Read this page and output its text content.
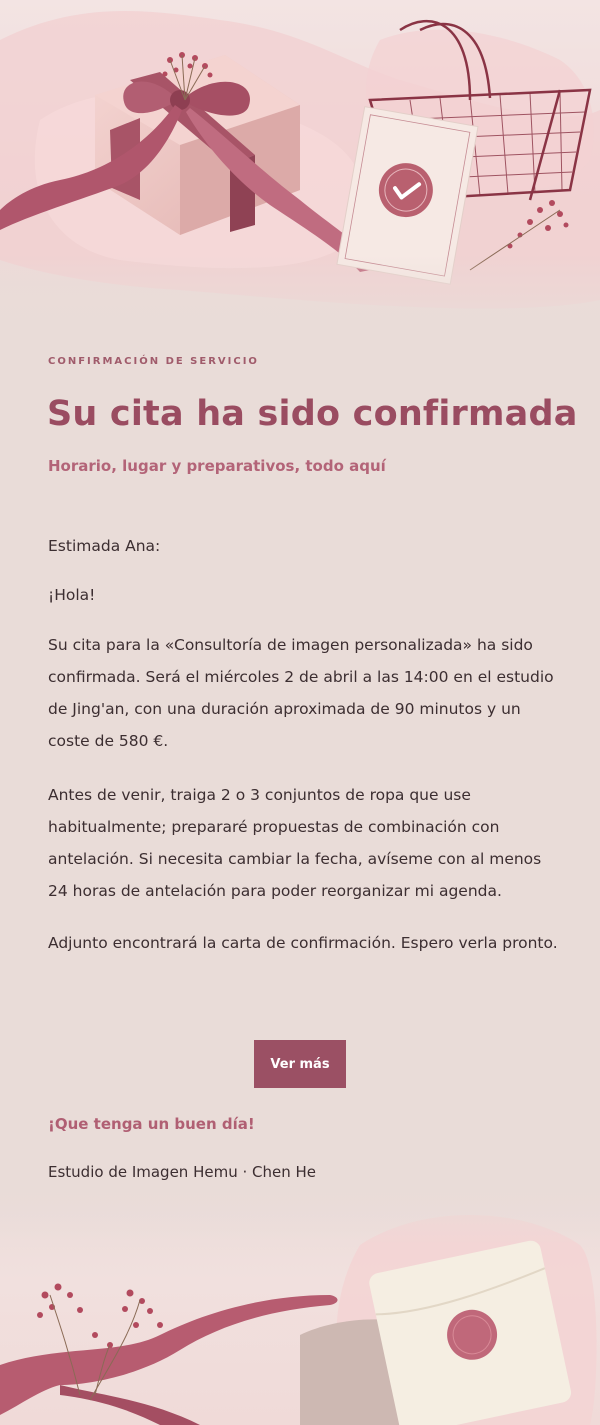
CONFIRMACIÓN DE SERVICIO
Su cita ha sido confirmada
Horario, lugar y preparativos, todo aquí

Estimada Ana:

¡Hola!

Su cita para la «Consultoría de imagen personalizada» ha sido confirmada. Será el miércoles 2 de abril a las 14:00 en el estudio de Jing'an, con una duración aproximada de 90 minutos y un coste de 580 €.

Antes de venir, traiga 2 o 3 conjuntos de ropa que use habitualmente; prepararé propuestas de combinación con antelación. Si necesita cambiar la fecha, avíseme con al menos 24 horas de antelación para poder reorganizar mi agenda.

Adjunto encontrará la carta de confirmación. Espero verla pronto.

Ver más
¡Que tenga un buen día!
Estudio de Imagen Hemu · Chen He
